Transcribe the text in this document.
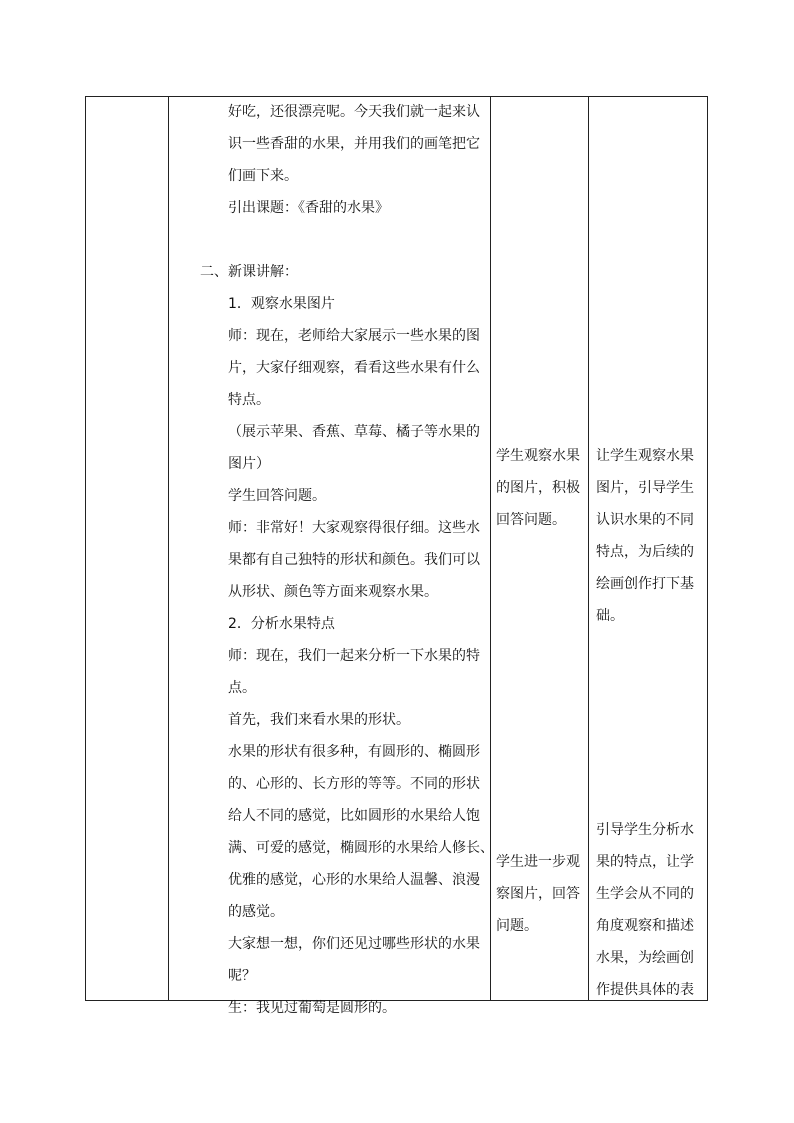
好吃，还很漂亮呢。今天我们就一起来认

识一些香甜的水果，并用我们的画笔把它

们画下来。

引出课题：《香甜的水果》

二、新课讲解：

1．观察水果图片

师：现在，老师给大家展示一些水果的图

片，大家仔细观察，看看这些水果有什么

特点。

（展示苹果、香蕉、草莓、橘子等水果的

图片）

学生回答问题。

师：非常好！大家观察得很仔细。这些水

果都有自己独特的形状和颜色。我们可以

从形状、颜色等方面来观察水果。

2．分析水果特点

师：现在，我们一起来分析一下水果的特

点。

首先，我们来看水果的形状。

水果的形状有很多种，有圆形的、椭圆形

的、心形的、长方形的等等。不同的形状

给人不同的感觉，比如圆形的水果给人饱

满、可爱的感觉，椭圆形的水果给人修长、

优雅的感觉，心形的水果给人温馨、浪漫

的感觉。

大家想一想，你们还见过哪些形状的水果

呢？

生：我见过葡萄是圆形的。

学生观察水果

的图片，积极

回答问题。

学生进一步观

察图片，回答

问题。

让学生观察水果

图片，引导学生

认识水果的不同

特点，为后续的

绘画创作打下基

础。

引导学生分析水

果的特点，让学

生学会从不同的

角度观察和描述

水果，为绘画创

作提供具体的表
